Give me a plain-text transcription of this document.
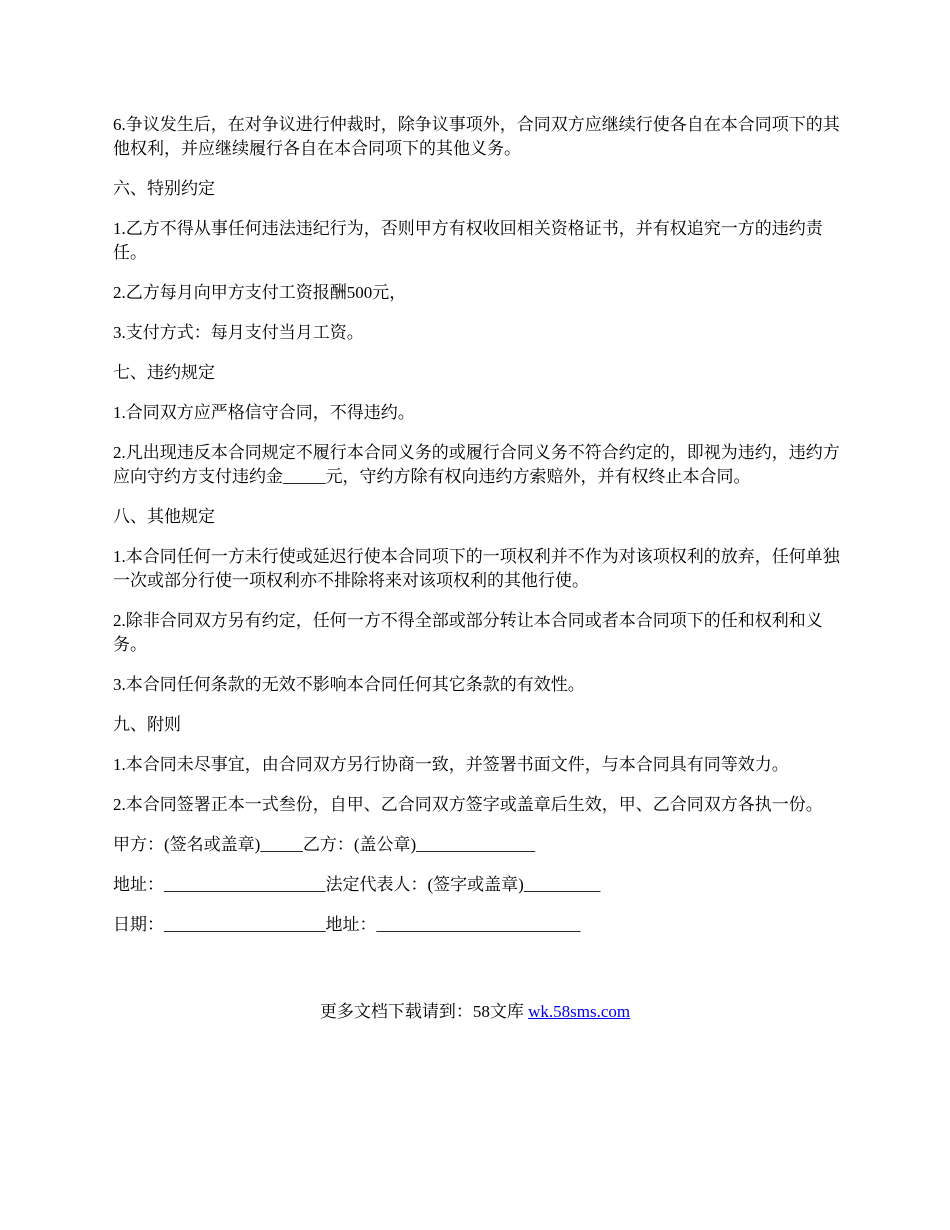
6.争议发生后，在对争议进行仲裁时，除争议事项外，合同双方应继续行使各自在本合同项下的其他权利，并应继续履行各自在本合同项下的其他义务。

六、特别约定

1.乙方不得从事任何违法违纪行为，否则甲方有权收回相关资格证书，并有权追究一方的违约责任。

2.乙方每月向甲方支付工资报酬500元，

3.支付方式：每月支付当月工资。

七、违约规定

1.合同双方应严格信守合同，不得违约。

2.凡出现违反本合同规定不履行本合同义务的或履行合同义务不符合约定的，即视为违约，违约方应向守约方支付违约金_____元，守约方除有权向违约方索赔外，并有权终止本合同。

八、其他规定

1.本合同任何一方未行使或延迟行使本合同项下的一项权利并不作为对该项权利的放弃，任何单独一次或部分行使一项权利亦不排除将来对该项权利的其他行使。

2.除非合同双方另有约定，任何一方不得全部或部分转让本合同或者本合同项下的任和权利和义务。

3.本合同任何条款的无效不影响本合同任何其它条款的有效性。

九、附则

1.本合同未尽事宜，由合同双方另行协商一致，并签署书面文件，与本合同具有同等效力。

2.本合同签署正本一式叁份，自甲、乙合同双方签字或盖章后生效，甲、乙合同双方各执一份。

甲方：(签名或盖章)_____乙方：(盖公章)______________

地址：___________________法定代表人：(签字或盖章)_________

日期：___________________地址：________________________

更多文档下载请到：58文库 wk.58sms.com
